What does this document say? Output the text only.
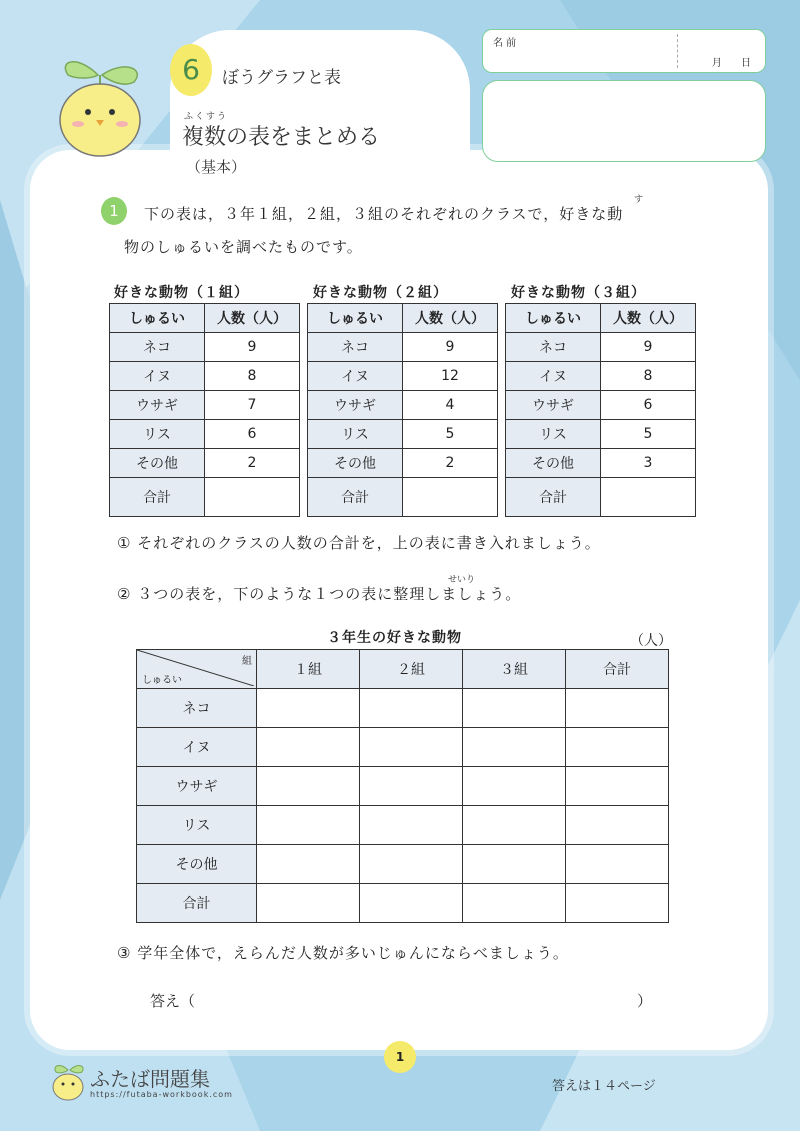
6	ぼうグラフと表
ふくすう
複数の表をまとめる
（基本）
名 前
月 日
1
す
下の表は，３年１組，２組，３組のそれぞれのクラスで，好きな動
物のしゅるいを調べたものです。
好きな動物（１組）
しゅるい	人数（人）
ネコ	9
イヌ	8
ウサギ	7
リス	6
その他	2
合計	
好きな動物（２組）
しゅるい	人数（人）
ネコ	9
イヌ	12
ウサギ	4
リス	5
その他	2
合計	
好きな動物（３組）
しゅるい	人数（人）
ネコ	9
イヌ	8
ウサギ	6
リス	5
その他	3
合計	
① それぞれのクラスの人数の合計を，上の表に書き入れましょう。
せいり
② ３つの表を，下のような１つの表に整理しましょう。
３年生の好きな動物	（人）
組
しゅるい	１組	２組	３組	合計
ネコ				
イヌ				
ウサギ				
リス				
その他				
合計				
③ 学年全体で，えらんだ人数が多いじゅんにならべましょう。
答え（	）
1
ふたば問題集
https://futaba-workbook.com
答えは１４ページ
